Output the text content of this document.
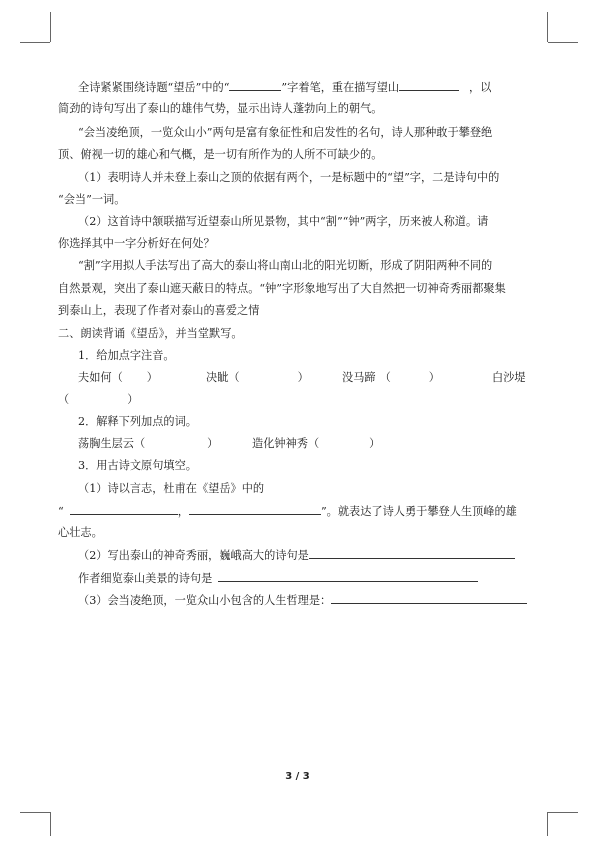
全诗紧紧围绕诗题“望岳”中的“	”字着笔，重在描写望山	，以
简劲的诗句写出了泰山的雄伟气势，显示出诗人蓬勃向上的朝气。
“会当凌绝顶，一览众山小”两句是富有象征性和启发性的名句，诗人那种敢于攀登绝
顶、俯视一切的雄心和气概，是一切有所作为的人所不可缺少的。
（1）表明诗人并未登上泰山之顶的依据有两个，一是标题中的“望”字，二是诗句中的
“会当”一词。
（2）这首诗中颔联描写近望泰山所见景物，其中“割”“钟”两字，历来被人称道。请
你选择其中一字分析好在何处？
“割”字用拟人手法写出了高大的泰山将山南山北的阳光切断，形成了阴阳两种不同的
自然景观，突出了泰山遮天蔽日的特点。“钟”字形象地写出了大自然把一切神奇秀丽都聚集
到泰山上，表现了作者对泰山的喜爱之情
二、朗读背诵《望岳》，并当堂默写。
1．给加点字注音。
夫如何（ ）	决眦（	）	没马蹄 （	）	白沙堤
（	）
2．解释下列加点的词。
荡胸生层云（	）	造化钟神秀（	）
3．用古诗文原句填空。
（1）诗以言志，杜甫在《望岳》中的
“	，	”。就表达了诗人勇于攀登人生顶峰的雄
心壮志。
（2）写出泰山的神奇秀丽，巍峨高大的诗句是
作者细览泰山美景的诗句是
（3）会当凌绝顶，一览众山小包含的人生哲理是：
3 / 3
